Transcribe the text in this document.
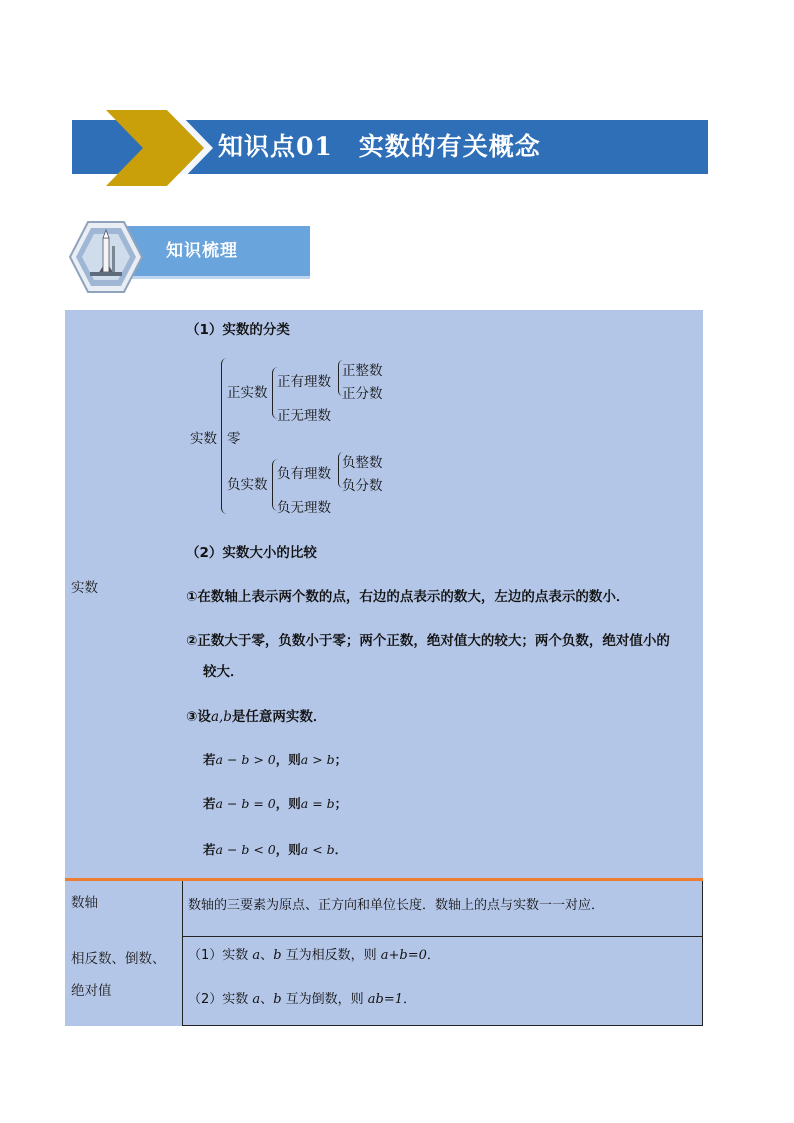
知识点01　实数的有关概念
知识梳理
实数
（1）实数的分类
实数
正实数
零
负实数
正有理数
正无理数
正整数
正分数
负有理数
负无理数
负整数
负分数
（2）实数大小的比较
①在数轴上表示两个数的点，右边的点表示的数大，左边的点表示的数小．
②正数大于零，负数小于零；两个正数，绝对值大的较大；两个负数，绝对值小的
较大．
③设a,b是任意两实数．
若a − b > 0，则a > b；
若a − b = 0，则a = b；
若a − b < 0，则a < b．
数轴	数轴的三要素为原点、正方向和单位长度．数轴上的点与实数一一对应．
相反数、倒数、
绝对值
（1）实数 a、b 互为相反数，则 a+b=0．
（2）实数 a、b 互为倒数，则 ab=1．
